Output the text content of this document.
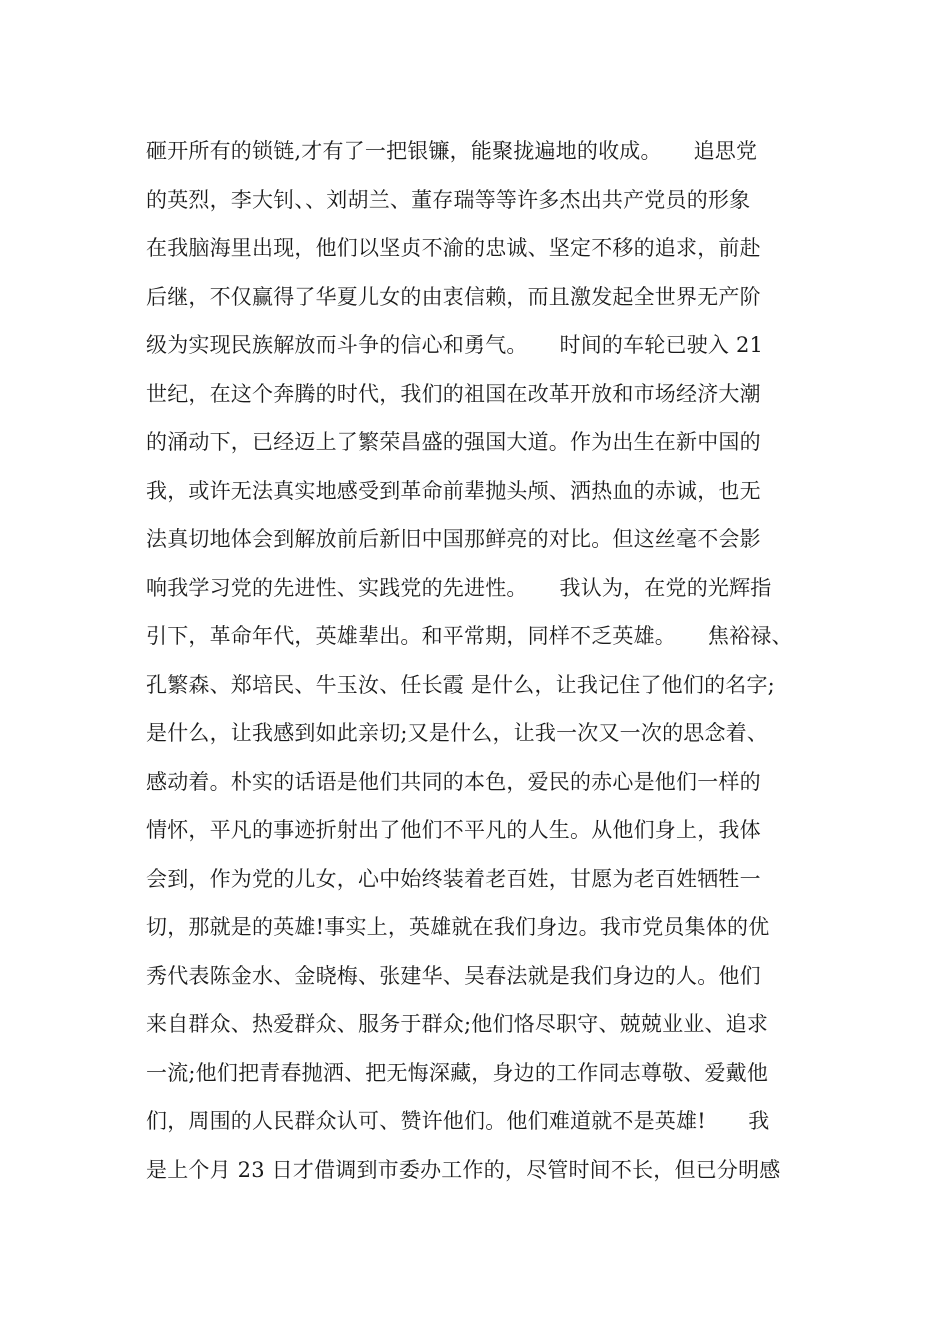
砸开所有的锁链,才有了一把银镰，能聚拢遍地的收成。　　追思党
的英烈，李大钊、、刘胡兰、董存瑞等等许多杰出共产党员的形象
在我脑海里出现，他们以坚贞不渝的忠诚、坚定不移的追求，前赴
后继，不仅赢得了华夏儿女的由衷信赖，而且激发起全世界无产阶
级为实现民族解放而斗争的信心和勇气。　　时间的车轮已驶入 21
世纪，在这个奔腾的时代，我们的祖国在改革开放和市场经济大潮
的涌动下，已经迈上了繁荣昌盛的强国大道。作为出生在新中国的
我，或许无法真实地感受到革命前辈抛头颅、洒热血的赤诚，也无
法真切地体会到解放前后新旧中国那鲜亮的对比。但这丝毫不会影
响我学习党的先进性、实践党的先进性。　　我认为，在党的光辉指
引下，革命年代，英雄辈出。和平常期，同样不乏英雄。　　焦裕禄、
孔繁森、郑培民、牛玉汝、任长霞 是什么，让我记住了他们的名字;
是什么，让我感到如此亲切;又是什么，让我一次又一次的思念着、
感动着。朴实的话语是他们共同的本色，爱民的赤心是他们一样的
情怀，平凡的事迹折射出了他们不平凡的人生。从他们身上，我体
会到，作为党的儿女，心中始终装着老百姓，甘愿为老百姓牺牲一
切，那就是的英雄!事实上，英雄就在我们身边。我市党员集体的优
秀代表陈金水、金晓梅、张建华、吴春法就是我们身边的人。他们
来自群众、热爱群众、服务于群众;他们恪尽职守、兢兢业业、追求
一流;他们把青春抛洒、把无悔深藏，身边的工作同志尊敬、爱戴他
们，周围的人民群众认可、赞许他们。他们难道就不是英雄!　　我
是上个月 23 日才借调到市委办工作的，尽管时间不长，但已分明感
